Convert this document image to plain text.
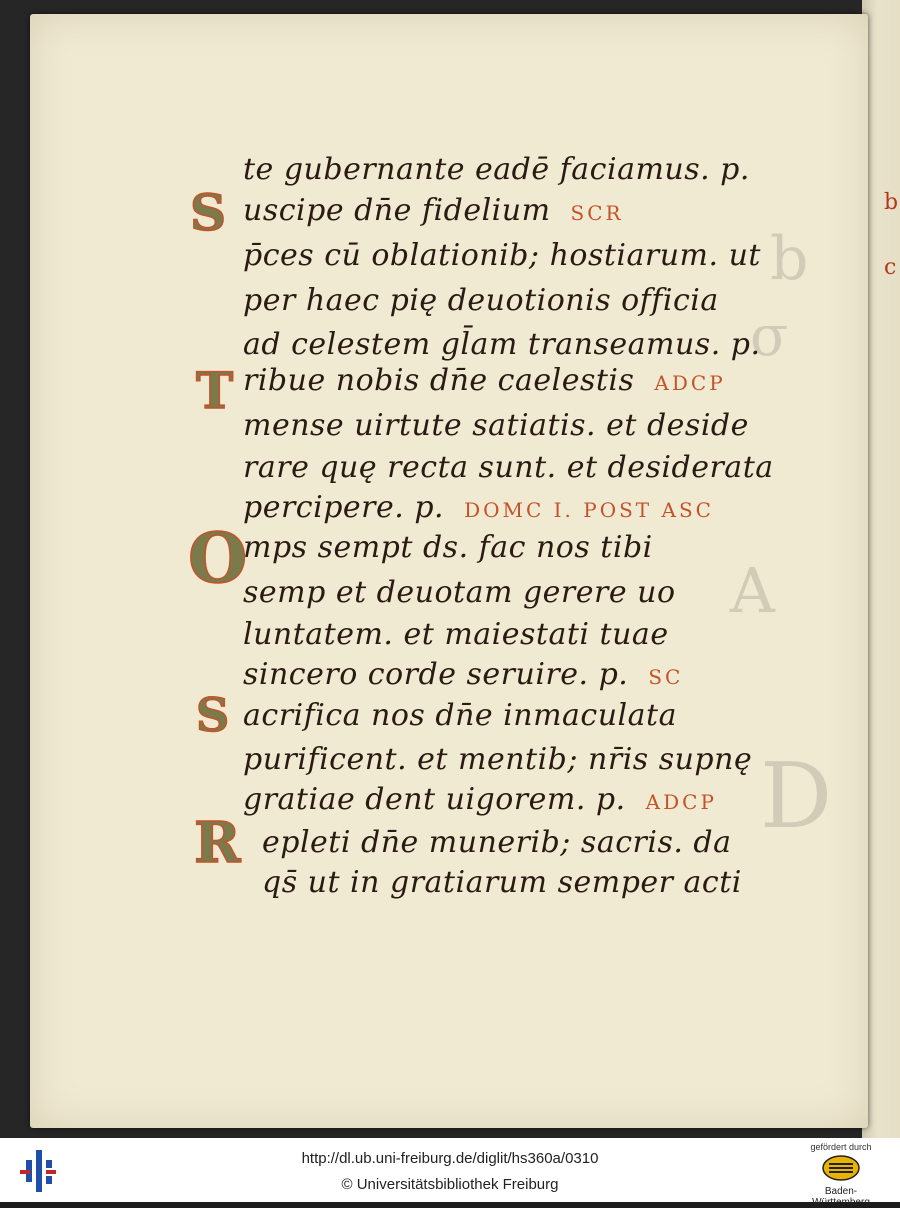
b
σ
A
D
te gubernante eadē faciamus. p.
S uscipe dn̄e fidelium SCR
p̄ces cū oblationib; hostiarum. ut
per haec pię deuotionis officia
ad celestem gl̄am transeamus. p.
T ribue nobis dn̄e caelestis ADCP
mense uirtute satiatis. et deside
rare quę recta sunt. et desiderata
percipere. p. DOMC I. POST ASC
O
mps sempt ds. fac nos tibi
semp et deuotam gerere uo
luntatem. et maiestati tuae
sincero corde seruire. p. SC
S acrifica nos dn̄e inmaculata
purificent. et mentib; nr̄is supnę
gratiae dent uigorem. p. ADCP
R epleti dn̄e munerib; sacris. da
qs̄ ut in gratiarum semper acti
b
c
http://dl.ub.uni-freiburg.de/diglit/hs360a/0310
© Universitätsbibliothek Freiburg
gefördert durch
Baden-Württemberg
